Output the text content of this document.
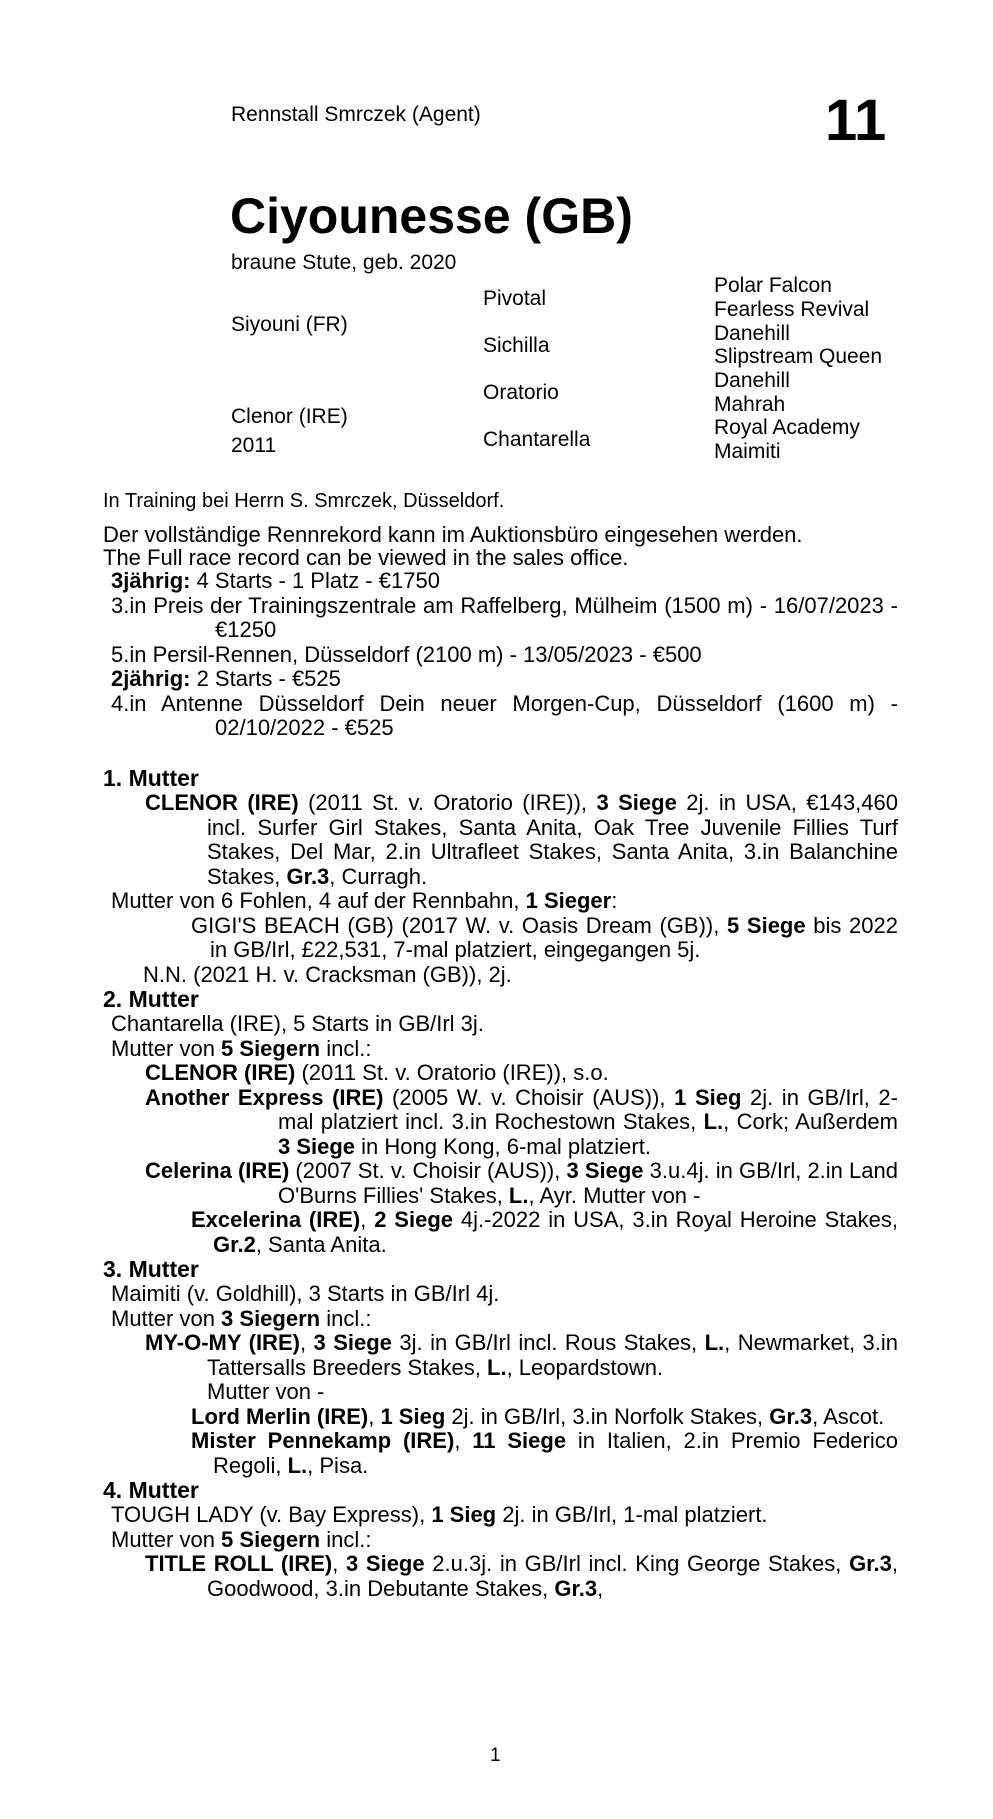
Rennstall Smrczek (Agent)	11
Ciyounesse (GB)
braune Stute, geb. 2020
Siyouni (FR)
Clenor (IRE)
2011
Pivotal
Sichilla
Oratorio
Chantarella
Polar Falcon
Fearless Revival
Danehill
Slipstream Queen
Danehill
Mahrah
Royal Academy
Maimiti
In Training bei Herrn S. Smrczek, Düsseldorf.

Der vollständige Rennrekord kann im Auktionsbüro eingesehen werden.

The Full race record can be viewed in the sales office.

3jährig: 4 Starts - 1 Platz - €1750

3.in Preis der Trainingszentrale am Raffelberg, Mülheim (1500 m) - 16/07/2023 - €1250

5.in Persil-Rennen, Düsseldorf (2100 m) - 13/05/2023 - €500

2jährig: 2 Starts - €525

4.in Antenne Düsseldorf Dein neuer Morgen-Cup, Düsseldorf (1600 m) - 02/10/2022 - €525

1. Mutter

CLENOR (IRE) (2011 St. v. Oratorio (IRE)), 3 Siege 2j. in USA, €143,460 incl. Surfer Girl Stakes, Santa Anita, Oak Tree Juvenile Fillies Turf Stakes, Del Mar, 2.in Ultrafleet Stakes, Santa Anita, 3.in Balanchine Stakes, Gr.3, Curragh.

Mutter von 6 Fohlen, 4 auf der Rennbahn, 1 Sieger:

GIGI'S BEACH (GB) (2017 W. v. Oasis Dream (GB)), 5 Siege bis 2022 in GB/Irl, £22,531, 7-mal platziert, eingegangen 5j.

N.N. (2021 H. v. Cracksman (GB)), 2j.

2. Mutter

Chantarella (IRE), 5 Starts in GB/Irl 3j.

Mutter von 5 Siegern incl.:

CLENOR (IRE) (2011 St. v. Oratorio (IRE)), s.o.

Another Express (IRE) (2005 W. v. Choisir (AUS)), 1 Sieg 2j. in GB/Irl, 2-mal platziert incl. 3.in Rochestown Stakes, L., Cork; Außerdem 3 Siege in Hong Kong, 6-mal platziert.

Celerina (IRE) (2007 St. v. Choisir (AUS)), 3 Siege 3.u.4j. in GB/Irl, 2.in Land O'Burns Fillies' Stakes, L., Ayr. Mutter von -

Excelerina (IRE), 2 Siege 4j.-2022 in USA, 3.in Royal Heroine Stakes, Gr.2, Santa Anita.

3. Mutter

Maimiti (v. Goldhill), 3 Starts in GB/Irl 4j.

Mutter von 3 Siegern incl.:

MY-O-MY (IRE), 3 Siege 3j. in GB/Irl incl. Rous Stakes, L., Newmarket, 3.in Tattersalls Breeders Stakes, L., Leopardstown.

Mutter von -

Lord Merlin (IRE), 1 Sieg 2j. in GB/Irl, 3.in Norfolk Stakes, Gr.3, Ascot.

Mister Pennekamp (IRE), 11 Siege in Italien, 2.in Premio Federico Regoli, L., Pisa.

4. Mutter

TOUGH LADY (v. Bay Express), 1 Sieg 2j. in GB/Irl, 1-mal platziert.

Mutter von 5 Siegern incl.:

TITLE ROLL (IRE), 3 Siege 2.u.3j. in GB/Irl incl. King George Stakes, Gr.3, Goodwood, 3.in Debutante Stakes, Gr.3,

1
